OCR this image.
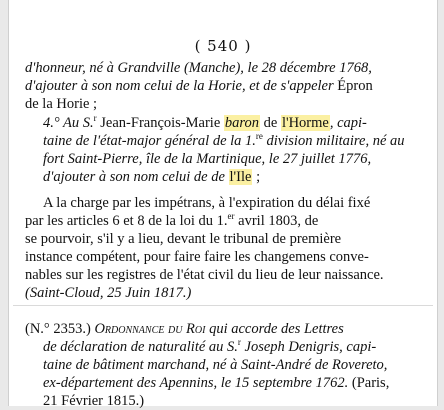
( 540 )
d'honneur, né à Grandville (Manche), le 28 décembre 1768,
d'ajouter à son nom celui de la Horie, et de s'appeler Épron
de la Horie ;
4.° Au S.$^r$ Jean-François-Marie baron de l'Horme, capi-
taine de l'état-major général de la 1.$^{re}$ division militaire, né au
fort Saint-Pierre, île de la Martinique, le 27 juillet 1776,
d'ajouter à son nom celui de de l'Ile ;
A la charge par les impétrans, à l'expiration du délai fixé
par les articles 6 et 8 de la loi du 1.$^{er}$ avril 1803, de
se pourvoir, s'il y a lieu, devant le tribunal de première
instance compétent, pour faire faire les changemens conve-
nables sur les registres de l'état civil du lieu de leur naissance.
(Saint-Cloud, 25 Juin 1817.)
(N.° 2353.) Ordonnance du Roi qui accorde des Lettres
de déclaration de naturalité au S.$^r$ Joseph Denigris, capi-
taine de bâtiment marchand, né à Saint-André de Rovereto,
ex-département des Apennins, le 15 septembre 1762. (Paris,
21 Février 1815.)
